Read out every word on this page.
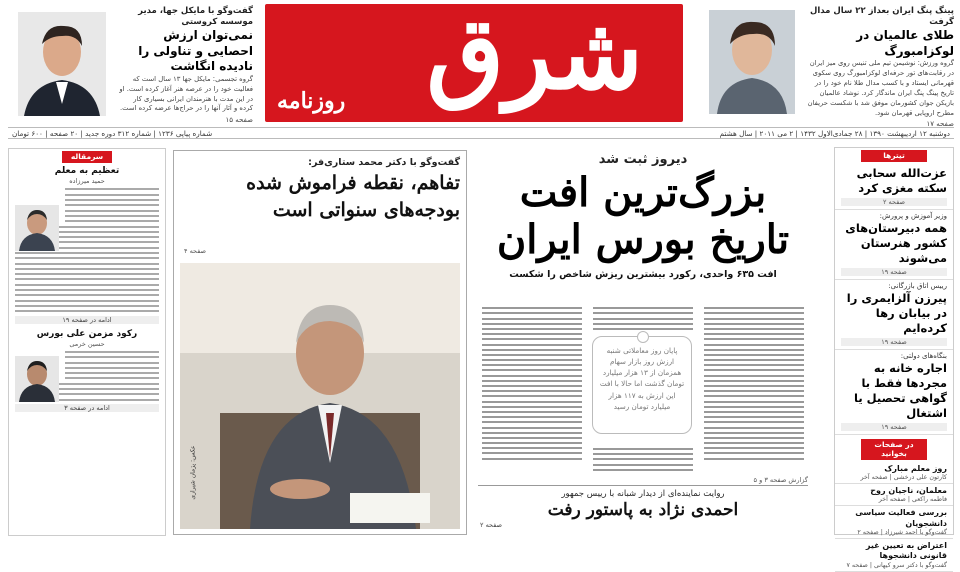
شرق
روزنامه
پینگ پنگ ایران بعداز ۲۲ سال مدال گرفت
طلای عالمیان در لوکزامبورگ
گروه ورزش: نوشیمن تیم ملی تنیس روی میز ایران در رقابت‌های تور حرفه‌ای لوکزامبورگ روی سکوی قهرمانی ایستاد و با کسب مدال طلا نام خود را در تاریخ پینگ پنگ ایران ماندگار کرد. نوشاد عالمیان بازیکن جوان کشورمان موفق شد با شکست حریفان مطرح اروپایی قهرمان شود.
صفحه ۱۷
گفت‌وگو با مایکل جها، مدیر موسسه کروستی
نمی‌توان ارزش احصایی و تناولی را نادیده انگاشت
گروه تجسمی: مایکل جها ۱۳ سال است که فعالیت خود را در عرصه هنر آغاز کرده است. او در این مدت با هنرمندان ایرانی بسیاری کار کرده و آثار آنها را در حراج‌ها عرضه کرده است.
صفحه ۱۵
دوشنبه ۱۲ اردیبهشت ۱۳۹۰ | ۲۸ جمادی‌الاول ۱۴۳۲ | ۲ می ۲۰۱۱ | سال هشتم
شماره پیاپی ۱۲۳۶ | شماره ۳۱۲ دوره جدید | ۲۰ صفحه | ۶۰۰ تومان
تیترها
عزت‌الله سحابی سکته مغزی کرد
صفحه ۲
وزیر آموزش و پرورش:
همه دبیرستان‌های کشور هنرستان می‌شوند
صفحه ۱۹
رییس اتاق بازرگانی:
پیرزن آلزایمری را در بیابان رها کرده‌ایم
صفحه ۱۹
بنگاه‌های دولتی:
اجاره خانه به مجرد‌ها فقط با گواهی تحصیل یا اشتغال
صفحه ۱۹
در صفحات بخوانید
روز معلم مبارک
کارتون علی درخشی | صفحه آخر
معلمان، ناجیان روح
فاطمه راکعی | صفحه آخر
بررسی فعالیت سیاسی دانشجویان
گفت‌وگو با احمد شیرزاد | صفحه ۲
اعتراض به تعیین غیر قانونی دانشجوها
گفت‌وگو با دکتر سرو کیهانی | صفحه ۷
دیروز ثبت شد
بزرگ‌ترین افت
تاریخ بورس ایران
افت ۶۳۵ واحدی، رکورد بیشترین ریزش شاخص را شکست
پایان روز معاملاتی شنبه ارزش روز بازار سهام همزمان از ۱۳ هزار میلیارد تومان گذشت اما حالا با افت این ارزش به ۱۱۷ هزار میلیارد تومان رسید
گزارش صفحه ۳ و ۵
روایت نماینده‌ای از دیدار شبانه با رییس جمهور
احمدی نژاد به پاستور رفت
صفحه ۲
گفت‌وگو با دکتر محمد ستاری‌فر:
تفاهم، نقطه فراموش شده
بودجه‌های سنواتی است
صفحه ۴
عکس: پژمان شیرازی
سرمقاله
تعظیم به معلم
حمید میرزاده
ادامه در صفحه ۱۹
رکود مزمن علی بورس
حسین خرمی
ادامه در صفحه ۳
